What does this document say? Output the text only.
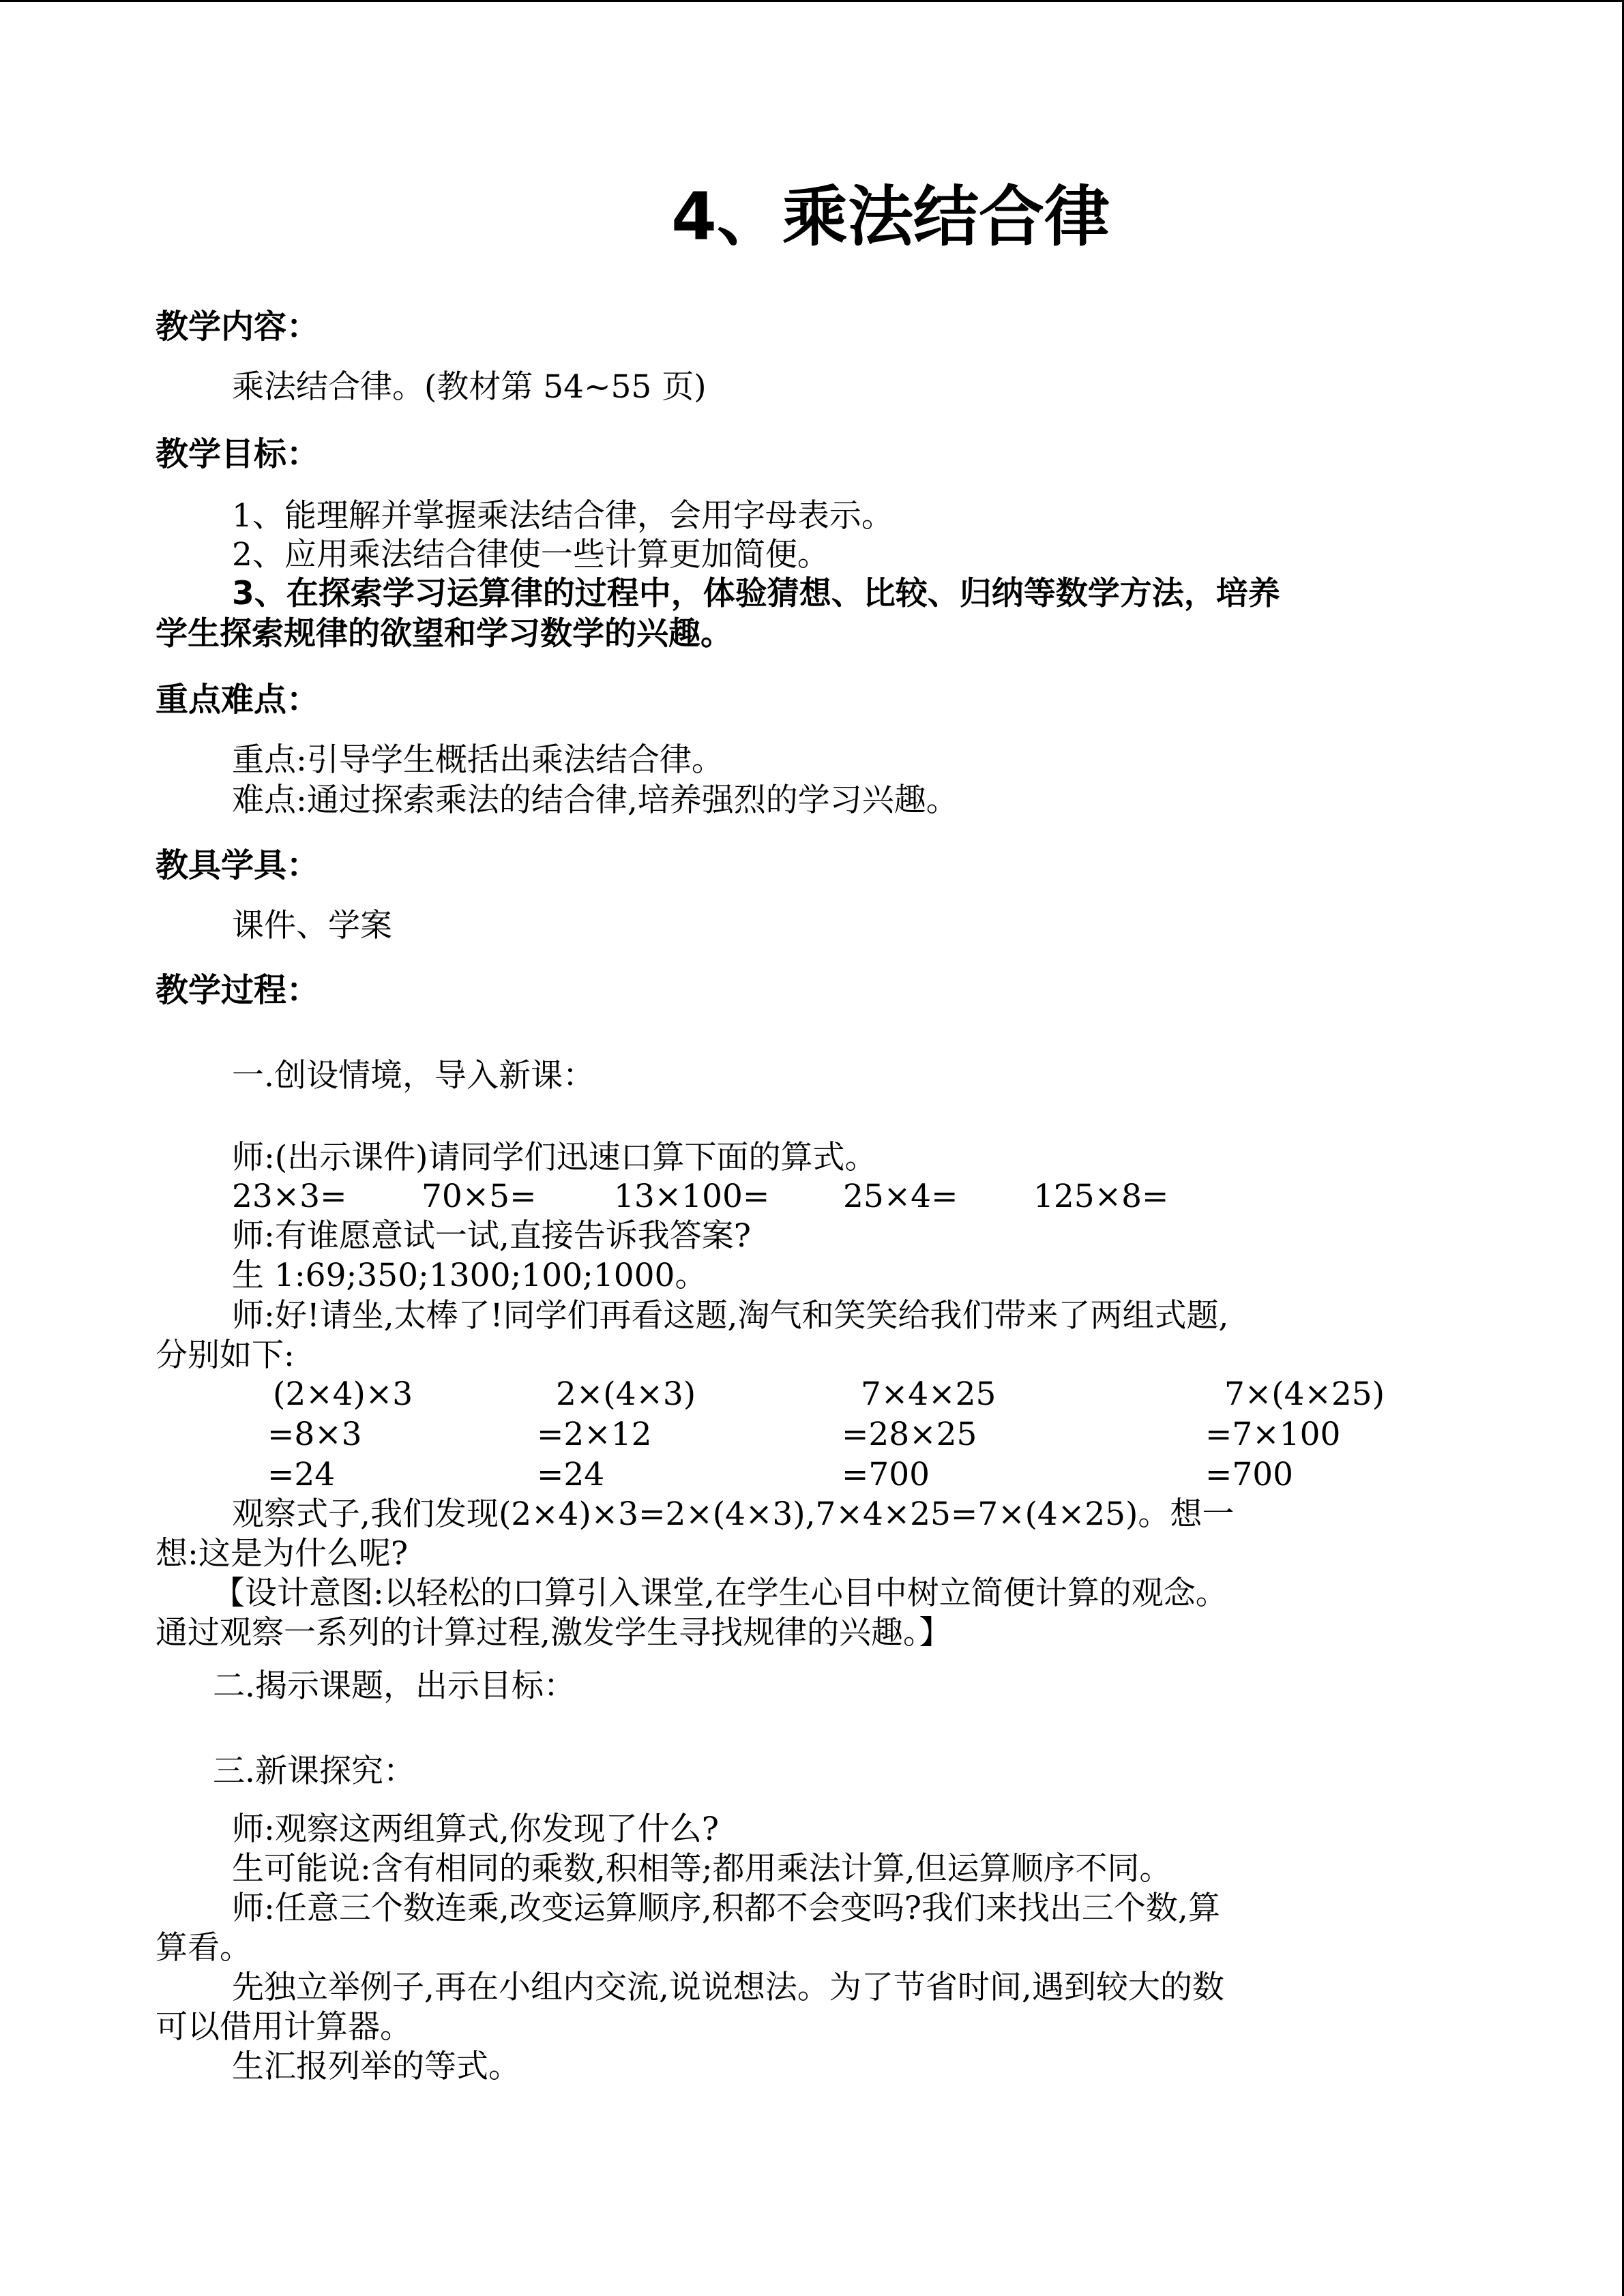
4、乘法结合律
教学内容：
乘法结合律。(教材第 54~55 页)
教学目标：
1、能理解并掌握乘法结合律，会用字母表示。
2、应用乘法结合律使一些计算更加简便。
3、在探索学习运算律的过程中，体验猜想、比较、归纳等数学方法，培养
学生探索规律的欲望和学习数学的兴趣。
重点难点：
重点:引导学生概括出乘法结合律。
难点:通过探索乘法的结合律,培养强烈的学习兴趣。
教具学具：
课件、学案
教学过程：
一.创设情境，导入新课：
师:(出示课件)请同学们迅速口算下面的算式。
23×3= 70×5= 13×100= 25×4= 125×8=
师:有谁愿意试一试,直接告诉我答案?
生 1:69;350;1300;100;1000。
师:好!请坐,太棒了!同学们再看这题,淘气和笑笑给我们带来了两组式题,
分别如下:
(2×4)×3
=8×3
=24
2×(4×3)
=2×12
=24
7×4×25
=28×25
=700
7×(4×25)
=7×100
=700
观察式子,我们发现(2×4)×3=2×(4×3),7×4×25=7×(4×25)。想一
想:这是为什么呢?
【设计意图:以轻松的口算引入课堂,在学生心目中树立简便计算的观念。
通过观察一系列的计算过程,激发学生寻找规律的兴趣。】
二.揭示课题，出示目标：
三.新课探究：
师:观察这两组算式,你发现了什么?
生可能说:含有相同的乘数,积相等;都用乘法计算,但运算顺序不同。
师:任意三个数连乘,改变运算顺序,积都不会变吗?我们来找出三个数,算
算看。
先独立举例子,再在小组内交流,说说想法。为了节省时间,遇到较大的数
可以借用计算器。
生汇报列举的等式。
